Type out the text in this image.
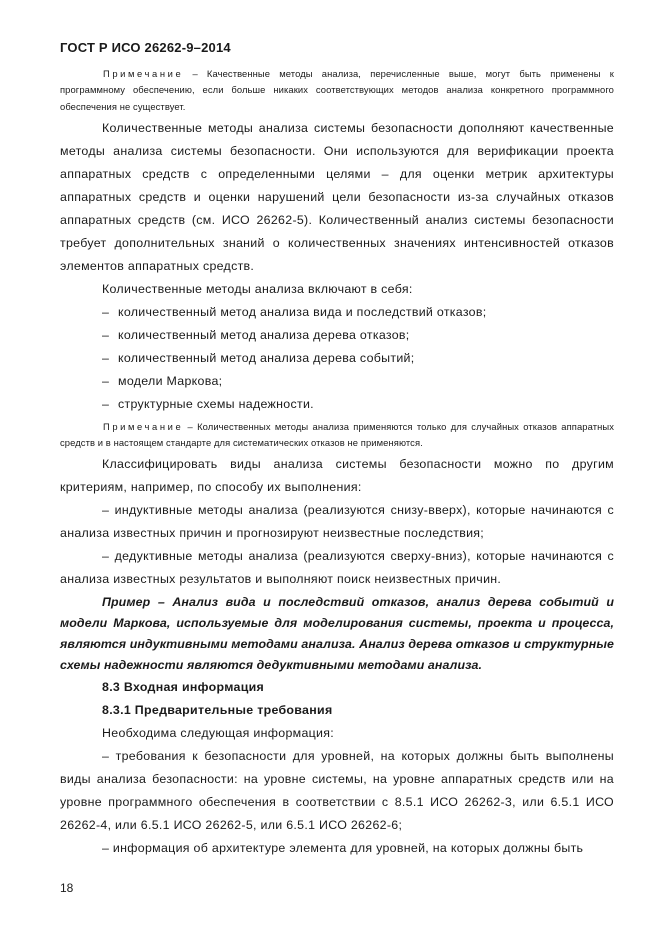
ГОСТ Р ИСО 26262-9–2014
Примечание – Качественные методы анализа, перечисленные выше, могут быть применены к программному обеспечению, если больше никаких соответствующих методов анализа конкретного программного обеспечения не существует.

Количественные методы анализа системы безопасности дополняют качественные методы анализа системы безопасности. Они используются для верификации проекта аппаратных средств с определенными целями – для оценки метрик архитектуры аппаратных средств и оценки нарушений цели безопасности из-за случайных отказов аппаратных средств (см. ИСО 26262-5). Количественный анализ системы безопасности требует дополнительных знаний о количественных значениях интенсивностей отказов элементов аппаратных средств.

Количественные методы анализа включают в себя:

– количественный метод анализа вида и последствий отказов;
– количественный метод анализа дерева отказов;
– количественный метод анализа дерева событий;
– модели Маркова;
– структурные схемы надежности.
Примечание – Количественных методы анализа применяются только для случайных отказов аппаратных средств и в настоящем стандарте для систематических отказов не применяются.

Классифицировать виды анализа системы безопасности можно по другим критериям, например, по способу их выполнения:

– индуктивные методы анализа (реализуются снизу-вверх), которые начинаются с анализа известных причин и прогнозируют неизвестные последствия;

– дедуктивные методы анализа (реализуются сверху-вниз), которые начинаются с анализа известных результатов и выполняют поиск неизвестных причин.

Пример – Анализ вида и последствий отказов, анализ дерева событий и модели Маркова, используемые для моделирования системы, проекта и процесса, являются индуктивными методами анализа. Анализ дерева отказов и структурные схемы надежности являются дедуктивными методами анализа.

8.3 Входная информация
8.3.1 Предварительные требования

Необходима следующая информация:

– требования к безопасности для уровней, на которых должны быть выполнены виды анализа безопасности: на уровне системы, на уровне аппаратных средств или на уровне программного обеспечения в соответствии с 8.5.1 ИСО 26262-3, или 6.5.1 ИСО 26262-4, или 6.5.1 ИСО 26262-5, или 6.5.1 ИСО 26262-6;

– информация об архитектуре элемента для уровней, на которых должны быть

18
